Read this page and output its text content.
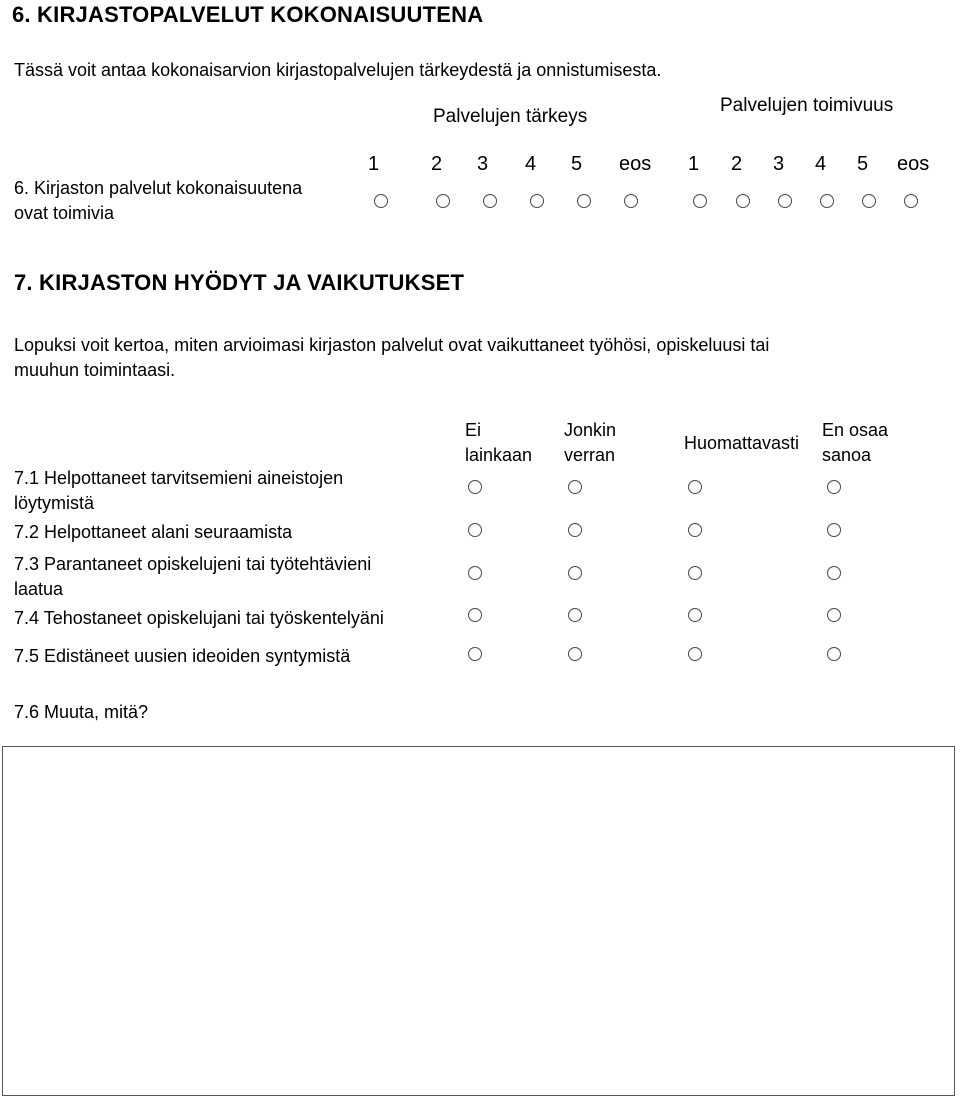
6. KIRJASTOPALVELUT KOKONAISUUTENA
Tässä voit antaa kokonaisarvion kirjastopalvelujen tärkeydestä ja onnistumisesta.
Palvelujen tärkeys
Palvelujen toimivuus
1	2 3 4 5 eos 1 2 3 4 5 eos
6. Kirjaston palvelut kokonaisuutena
ovat toimivia
7. KIRJASTON HYÖDYT JA VAIKUTUKSET
Lopuksi voit kertoa, miten arvioimasi kirjaston palvelut ovat vaikuttaneet työhösi, opiskeluusi tai
muuhun toimintaasi.
Ei
lainkaan
Jonkin
verran
Huomattavasti
En osaa
sanoa
7.1 Helpottaneet tarvitsemieni aineistojen
löytymistä
7.2 Helpottaneet alani seuraamista
7.3 Parantaneet opiskelujeni tai työtehtävieni
laatua
7.4 Tehostaneet opiskelujani tai työskentelyäni
7.5 Edistäneet uusien ideoiden syntymistä
7.6 Muuta, mitä?
